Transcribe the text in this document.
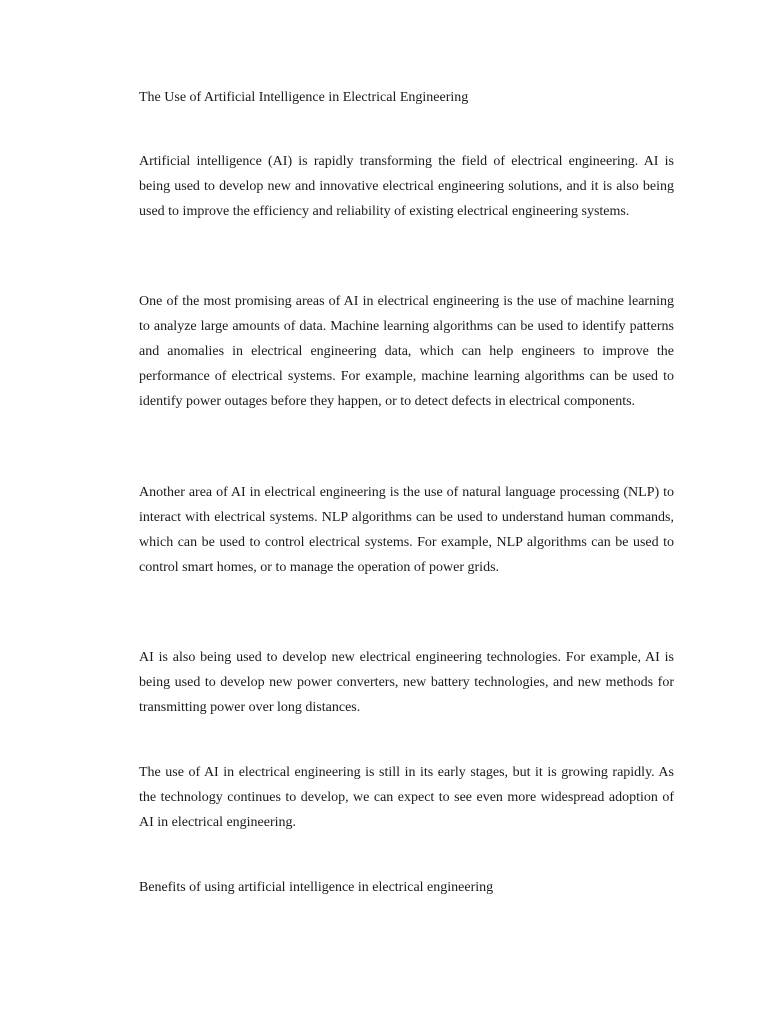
The Use of Artificial Intelligence in Electrical Engineering

Artificial intelligence (AI) is rapidly transforming the field of electrical engineering. AI is being used to develop new and innovative electrical engineering solutions, and it is also being used to improve the efficiency and reliability of existing electrical engineering systems.

One of the most promising areas of AI in electrical engineering is the use of machine learning to analyze large amounts of data. Machine learning algorithms can be used to identify patterns and anomalies in electrical engineering data, which can help engineers to improve the performance of electrical systems. For example, machine learning algorithms can be used to identify power outages before they happen, or to detect defects in electrical components.

Another area of AI in electrical engineering is the use of natural language processing (NLP) to interact with electrical systems. NLP algorithms can be used to understand human commands, which can be used to control electrical systems. For example, NLP algorithms can be used to control smart homes, or to manage the operation of power grids.

AI is also being used to develop new electrical engineering technologies. For example, AI is being used to develop new power converters, new battery technologies, and new methods for transmitting power over long distances.

The use of AI in electrical engineering is still in its early stages, but it is growing rapidly. As the technology continues to develop, we can expect to see even more widespread adoption of AI in electrical engineering.

Benefits of using artificial intelligence in electrical engineering
